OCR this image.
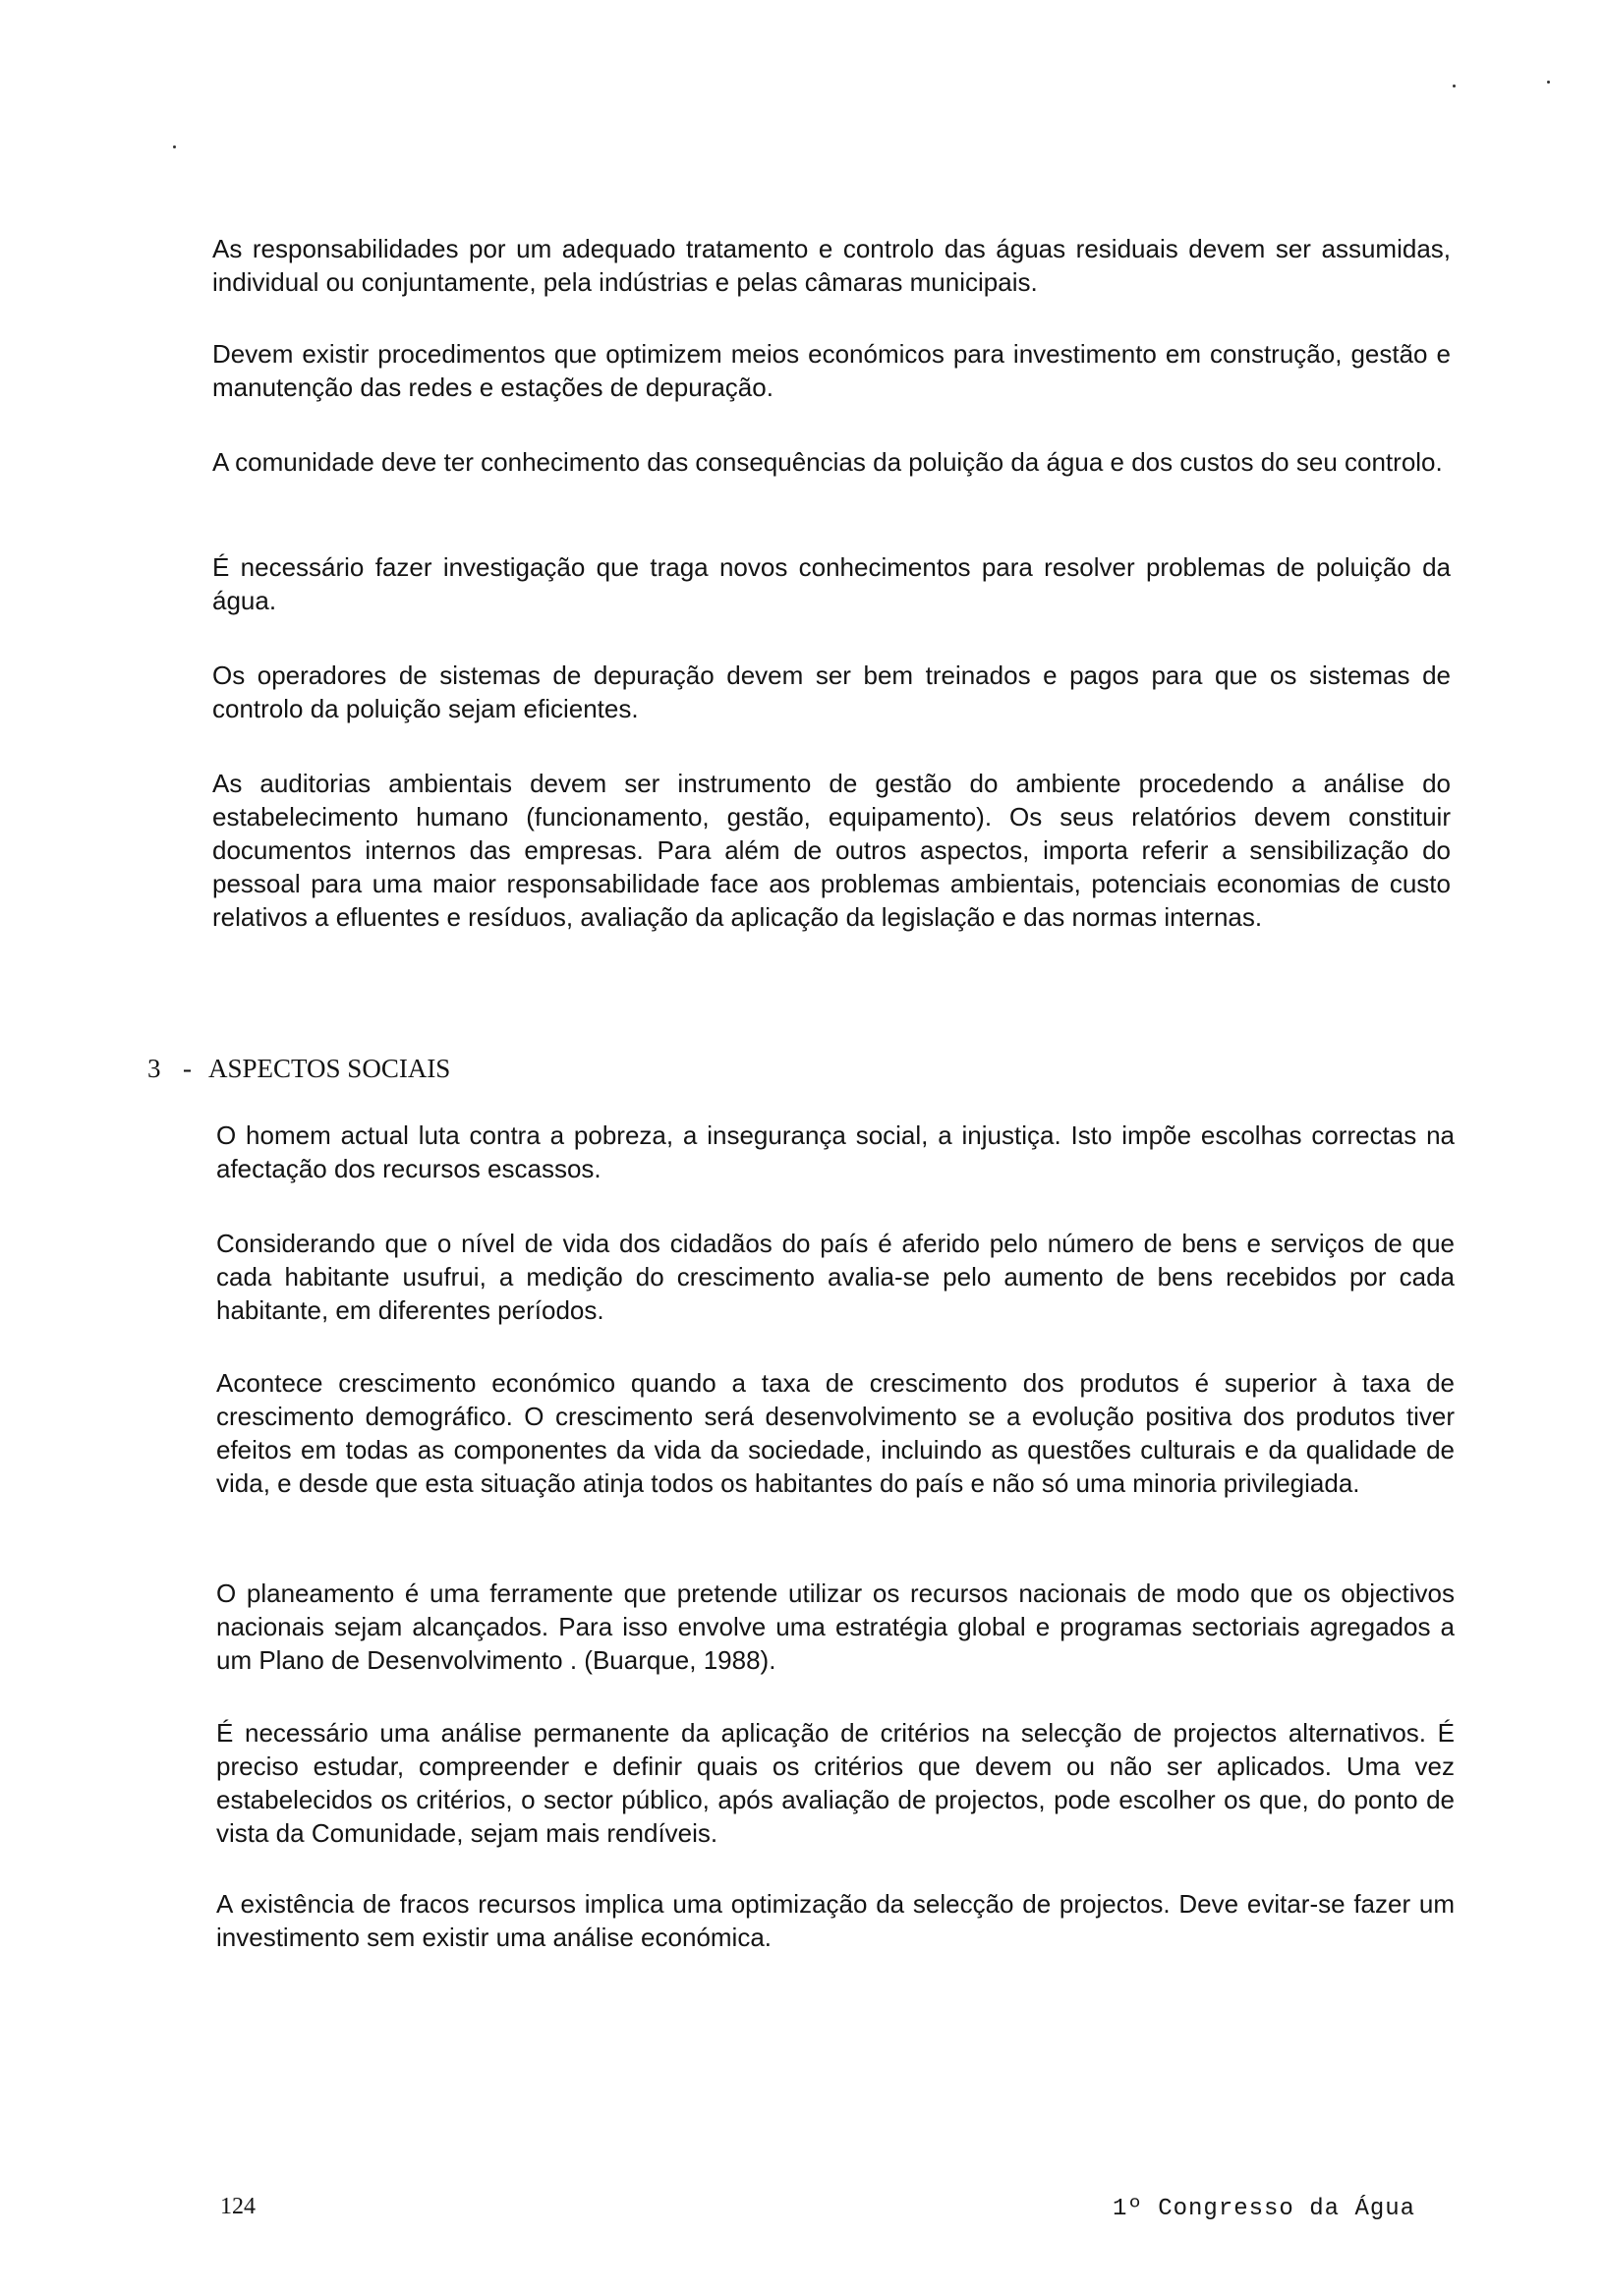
As responsabilidades por um adequado tratamento e controlo das águas residuais devem ser assumidas, individual ou conjuntamente, pela indústrias e pelas câmaras municipais.

Devem existir procedimentos que optimizem meios económicos para investimento em construção, gestão e manutenção das redes e estações de depuração.

A comunidade deve ter conhecimento das consequências da poluição da água e dos custos do seu controlo.

É necessário fazer investigação que traga novos conhecimentos para resolver problemas de poluição da água.

Os operadores de sistemas de depuração devem ser bem treinados e pagos para que os sistemas de controlo da poluição sejam eficientes.

As auditorias ambientais devem ser instrumento de gestão do ambiente procedendo a análise do estabelecimento humano (funcionamento, gestão, equipamento). Os seus relatórios devem constituir documentos internos das empresas. Para além de outros aspectos, importa referir a sensibilização do pessoal para uma maior responsabilidade face aos problemas ambientais, potenciais economias de custo relativos a efluentes e resíduos, avaliação da aplicação da legislação e das normas internas.

3 - ASPECTOS SOCIAIS

O homem actual luta contra a pobreza, a insegurança social, a injustiça. Isto impõe escolhas correctas na afectação dos recursos escassos.

Considerando que o nível de vida dos cidadãos do país é aferido pelo número de bens e serviços de que cada habitante usufrui, a medição do crescimento avalia-se pelo aumento de bens recebidos por cada habitante, em diferentes períodos.

Acontece crescimento económico quando a taxa de crescimento dos produtos é superior à taxa de crescimento demográfico. O crescimento será desenvolvimento se a evolução positiva dos produtos tiver efeitos em todas as componentes da vida da sociedade, incluindo as questões culturais e da qualidade de vida, e desde que esta situação atinja todos os habitantes do país e não só uma minoria privilegiada.

O planeamento é uma ferramente que pretende utilizar os recursos nacionais de modo que os objectivos nacionais sejam alcançados. Para isso envolve uma estratégia global e programas sectoriais agregados a um Plano de Desenvolvimento . (Buarque, 1988).

É necessário uma análise permanente da aplicação de critérios na selecção de projectos alternativos. É preciso estudar, compreender e definir quais os critérios que devem ou não ser aplicados. Uma vez estabelecidos os critérios, o sector público, após avaliação de projectos, pode escolher os que, do ponto de vista da Comunidade, sejam mais rendíveis.

A existência de fracos recursos implica uma optimização da selecção de projectos. Deve evitar-se fazer um investimento sem existir uma análise económica.

124	1º Congresso da Água
